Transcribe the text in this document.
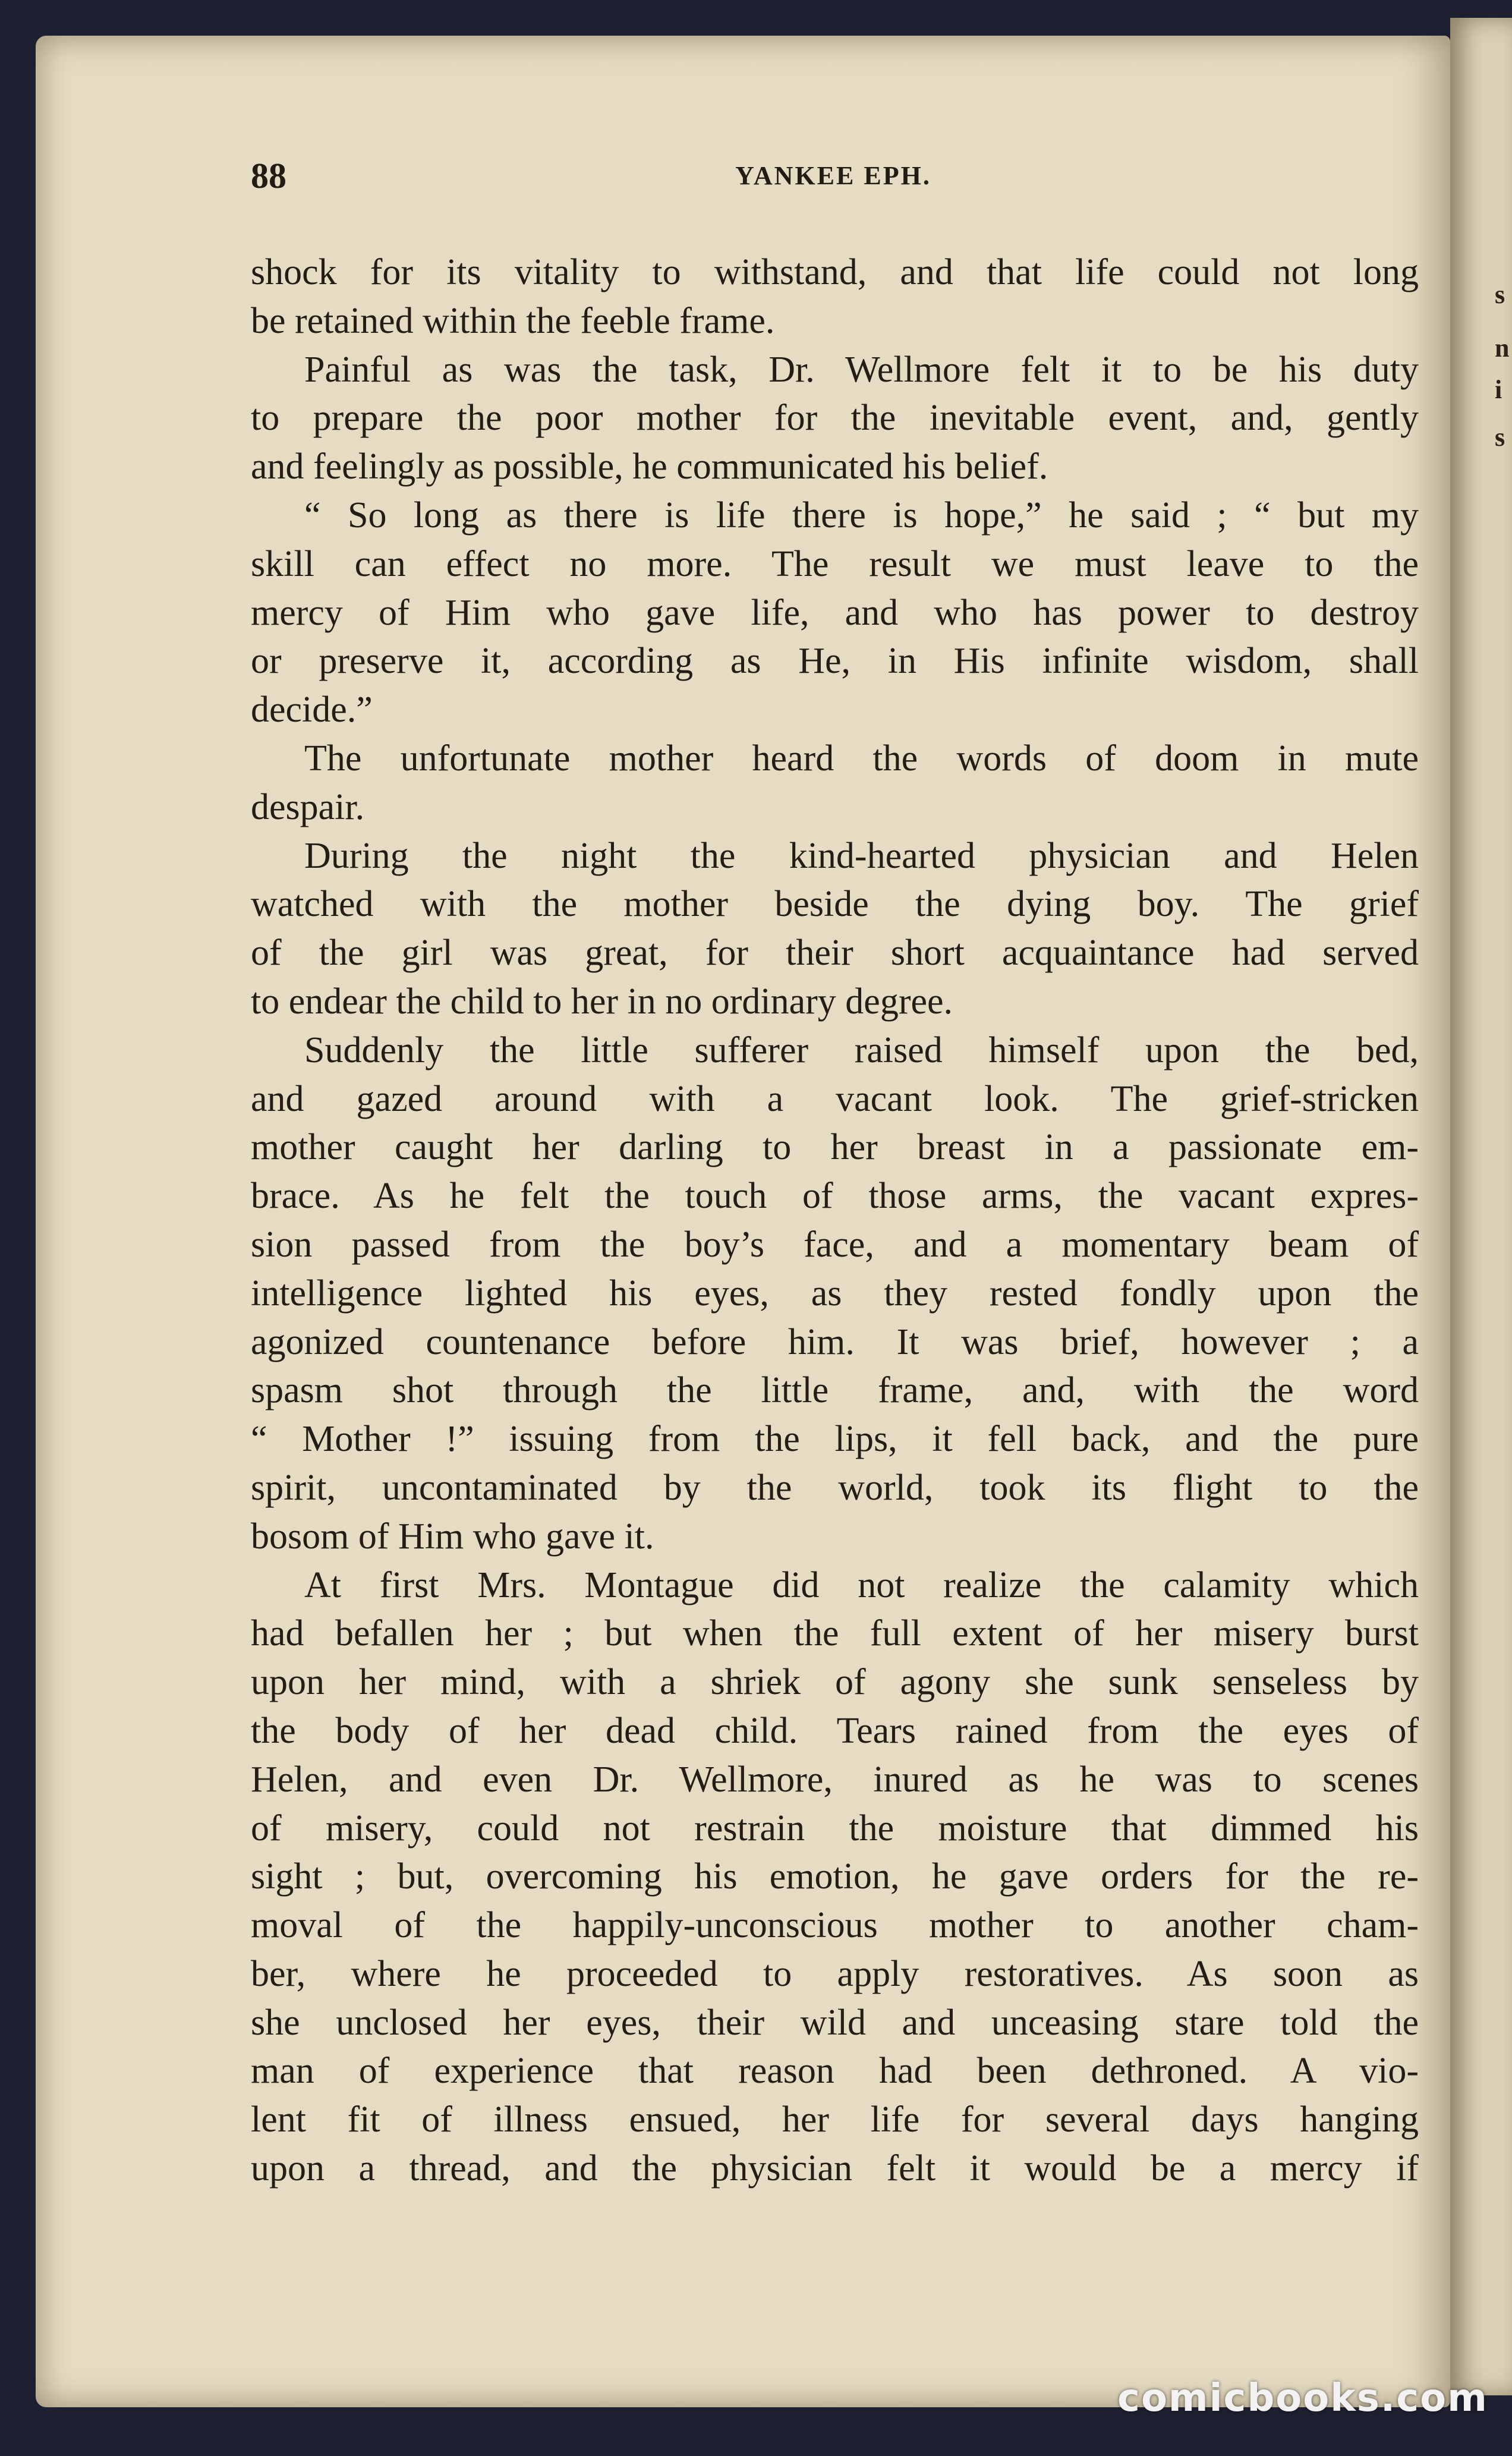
s
n
i
s
88	YANKEE EPH.
shock for its vitality to withstand, and that life could not long
be retained within the feeble frame.
Painful as was the task, Dr. Wellmore felt it to be his duty
to prepare the poor mother for the inevitable event, and, gently
and feelingly as possible, he communicated his belief.
“ So long as there is life there is hope,” he said ; “ but my
skill can effect no more. The result we must leave to the
mercy of Him who gave life, and who has power to destroy
or preserve it, according as He, in His infinite wisdom, shall
decide.”
The unfortunate mother heard the words of doom in mute
despair.
During the night the kind-hearted physician and Helen
watched with the mother beside the dying boy. The grief
of the girl was great, for their short acquaintance had served
to endear the child to her in no ordinary degree.
Suddenly the little sufferer raised himself upon the bed,
and gazed around with a vacant look. The grief-stricken
mother caught her darling to her breast in a passionate em-
brace. As he felt the touch of those arms, the vacant expres-
sion passed from the boy’s face, and a momentary beam of
intelligence lighted his eyes, as they rested fondly upon the
agonized countenance before him. It was brief, however ; a
spasm shot through the little frame, and, with the word
“ Mother !” issuing from the lips, it fell back, and the pure
spirit, uncontaminated by the world, took its flight to the
bosom of Him who gave it.
At first Mrs. Montague did not realize the calamity which
had befallen her ; but when the full extent of her misery burst
upon her mind, with a shriek of agony she sunk senseless by
the body of her dead child. Tears rained from the eyes of
Helen, and even Dr. Wellmore, inured as he was to scenes
of misery, could not restrain the moisture that dimmed his
sight ; but, overcoming his emotion, he gave orders for the re-
moval of the happily-unconscious mother to another cham-
ber, where he proceeded to apply restoratives. As soon as
she unclosed her eyes, their wild and unceasing stare told the
man of experience that reason had been dethroned. A vio-
lent fit of illness ensued, her life for several days hanging
upon a thread, and the physician felt it would be a mercy if
comicbooks.com
